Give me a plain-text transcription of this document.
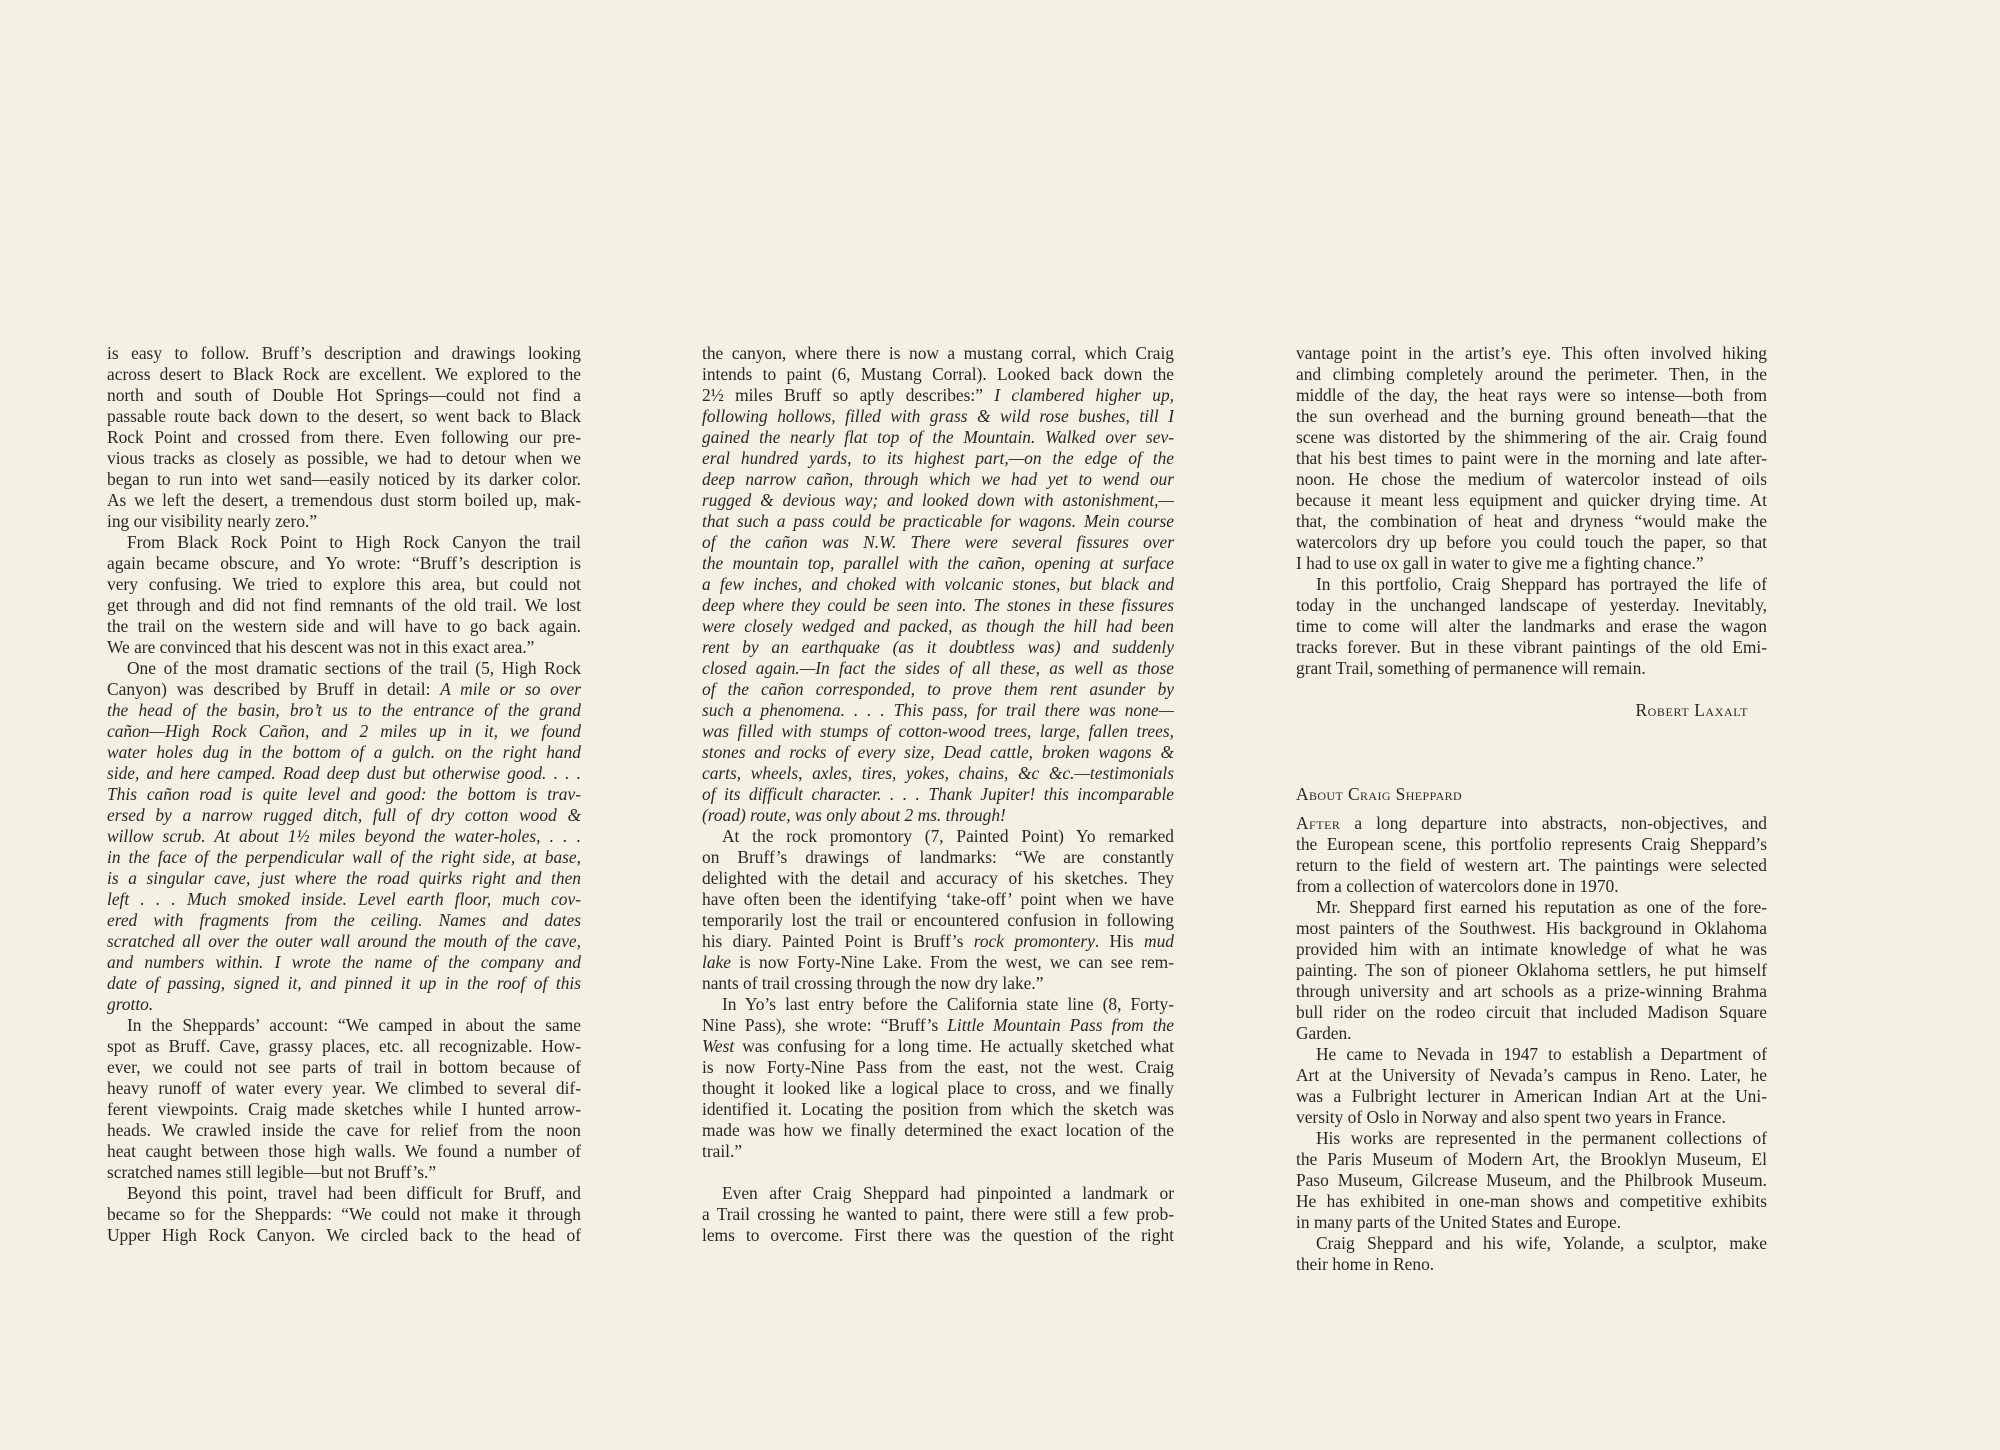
is easy to follow. Bruff’s description and drawings looking
across desert to Black Rock are excellent. We explored to the
north and south of Double Hot Springs—could not find a
passable route back down to the desert, so went back to Black
Rock Point and crossed from there. Even following our pre-
vious tracks as closely as possible, we had to detour when we
began to run into wet sand—easily noticed by its darker color.
As we left the desert, a tremendous dust storm boiled up, mak-
ing our visibility nearly zero.”
From Black Rock Point to High Rock Canyon the trail
again became obscure, and Yo wrote: “Bruff’s description is
very confusing. We tried to explore this area, but could not
get through and did not find remnants of the old trail. We lost
the trail on the western side and will have to go back again.
We are convinced that his descent was not in this exact area.”
One of the most dramatic sections of the trail (5, High Rock
Canyon) was described by Bruff in detail: A mile or so over
the head of the basin, bro’t us to the entrance of the grand
cañon—High Rock Cañon, and 2 miles up in it, we found
water holes dug in the bottom of a gulch. on the right hand
side, and here camped. Road deep dust but otherwise good. . . .
This cañon road is quite level and good: the bottom is trav-
ersed by a narrow rugged ditch, full of dry cotton wood &
willow scrub. At about 1½ miles beyond the water-holes, . . .
in the face of the perpendicular wall of the right side, at base,
is a singular cave, just where the road quirks right and then
left . . . Much smoked inside. Level earth floor, much cov-
ered with fragments from the ceiling. Names and dates
scratched all over the outer wall around the mouth of the cave,
and numbers within. I wrote the name of the company and
date of passing, signed it, and pinned it up in the roof of this
grotto.
In the Sheppards’ account: “We camped in about the same
spot as Bruff. Cave, grassy places, etc. all recognizable. How-
ever, we could not see parts of trail in bottom because of
heavy runoff of water every year. We climbed to several dif-
ferent viewpoints. Craig made sketches while I hunted arrow-
heads. We crawled inside the cave for relief from the noon
heat caught between those high walls. We found a number of
scratched names still legible—but not Bruff’s.”
Beyond this point, travel had been difficult for Bruff, and
became so for the Sheppards: “We could not make it through
Upper High Rock Canyon. We circled back to the head of
the canyon, where there is now a mustang corral, which Craig
intends to paint (6, Mustang Corral). Looked back down the
2½ miles Bruff so aptly describes:” I clambered higher up,
following hollows, filled with grass & wild rose bushes, till I
gained the nearly flat top of the Mountain. Walked over sev-
eral hundred yards, to its highest part,—on the edge of the
deep narrow cañon, through which we had yet to wend our
rugged & devious way; and looked down with astonishment,—
that such a pass could be practicable for wagons. Mein course
of the cañon was N.W. There were several fissures over
the mountain top, parallel with the cañon, opening at surface
a few inches, and choked with volcanic stones, but black and
deep where they could be seen into. The stones in these fissures
were closely wedged and packed, as though the hill had been
rent by an earthquake (as it doubtless was) and suddenly
closed again.—In fact the sides of all these, as well as those
of the cañon corresponded, to prove them rent asunder by
such a phenomena. . . . This pass, for trail there was none—
was filled with stumps of cotton-wood trees, large, fallen trees,
stones and rocks of every size, Dead cattle, broken wagons &
carts, wheels, axles, tires, yokes, chains, &c &c.—testimonials
of its difficult character. . . . Thank Jupiter! this incomparable
(road) route, was only about 2 ms. through!
At the rock promontory (7, Painted Point) Yo remarked
on Bruff’s drawings of landmarks: “We are constantly
delighted with the detail and accuracy of his sketches. They
have often been the identifying ‘take-off’ point when we have
temporarily lost the trail or encountered confusion in following
his diary. Painted Point is Bruff’s rock promontery. His mud
lake is now Forty-Nine Lake. From the west, we can see rem-
nants of trail crossing through the now dry lake.”
In Yo’s last entry before the California state line (8, Forty-
Nine Pass), she wrote: “Bruff’s Little Mountain Pass from the
West was confusing for a long time. He actually sketched what
is now Forty-Nine Pass from the east, not the west. Craig
thought it looked like a logical place to cross, and we finally
identified it. Locating the position from which the sketch was
made was how we finally determined the exact location of the
trail.”
Even after Craig Sheppard had pinpointed a landmark or
a Trail crossing he wanted to paint, there were still a few prob-
lems to overcome. First there was the question of the right
vantage point in the artist’s eye. This often involved hiking
and climbing completely around the perimeter. Then, in the
middle of the day, the heat rays were so intense—both from
the sun overhead and the burning ground beneath—that the
scene was distorted by the shimmering of the air. Craig found
that his best times to paint were in the morning and late after-
noon. He chose the medium of watercolor instead of oils
because it meant less equipment and quicker drying time. At
that, the combination of heat and dryness “would make the
watercolors dry up before you could touch the paper, so that
I had to use ox gall in water to give me a fighting chance.”
In this portfolio, Craig Sheppard has portrayed the life of
today in the unchanged landscape of yesterday. Inevitably,
time to come will alter the landmarks and erase the wagon
tracks forever. But in these vibrant paintings of the old Emi-
grant Trail, something of permanence will remain.
Robert Laxalt
About Craig Sheppard
After a long departure into abstracts, non-objectives, and
the European scene, this portfolio represents Craig Sheppard’s
return to the field of western art. The paintings were selected
from a collection of watercolors done in 1970.
Mr. Sheppard first earned his reputation as one of the fore-
most painters of the Southwest. His background in Oklahoma
provided him with an intimate knowledge of what he was
painting. The son of pioneer Oklahoma settlers, he put himself
through university and art schools as a prize-winning Brahma
bull rider on the rodeo circuit that included Madison Square
Garden.
He came to Nevada in 1947 to establish a Department of
Art at the University of Nevada’s campus in Reno. Later, he
was a Fulbright lecturer in American Indian Art at the Uni-
versity of Oslo in Norway and also spent two years in France.
His works are represented in the permanent collections of
the Paris Museum of Modern Art, the Brooklyn Museum, El
Paso Museum, Gilcrease Museum, and the Philbrook Museum.
He has exhibited in one-man shows and competitive exhibits
in many parts of the United States and Europe.
Craig Sheppard and his wife, Yolande, a sculptor, make
their home in Reno.
